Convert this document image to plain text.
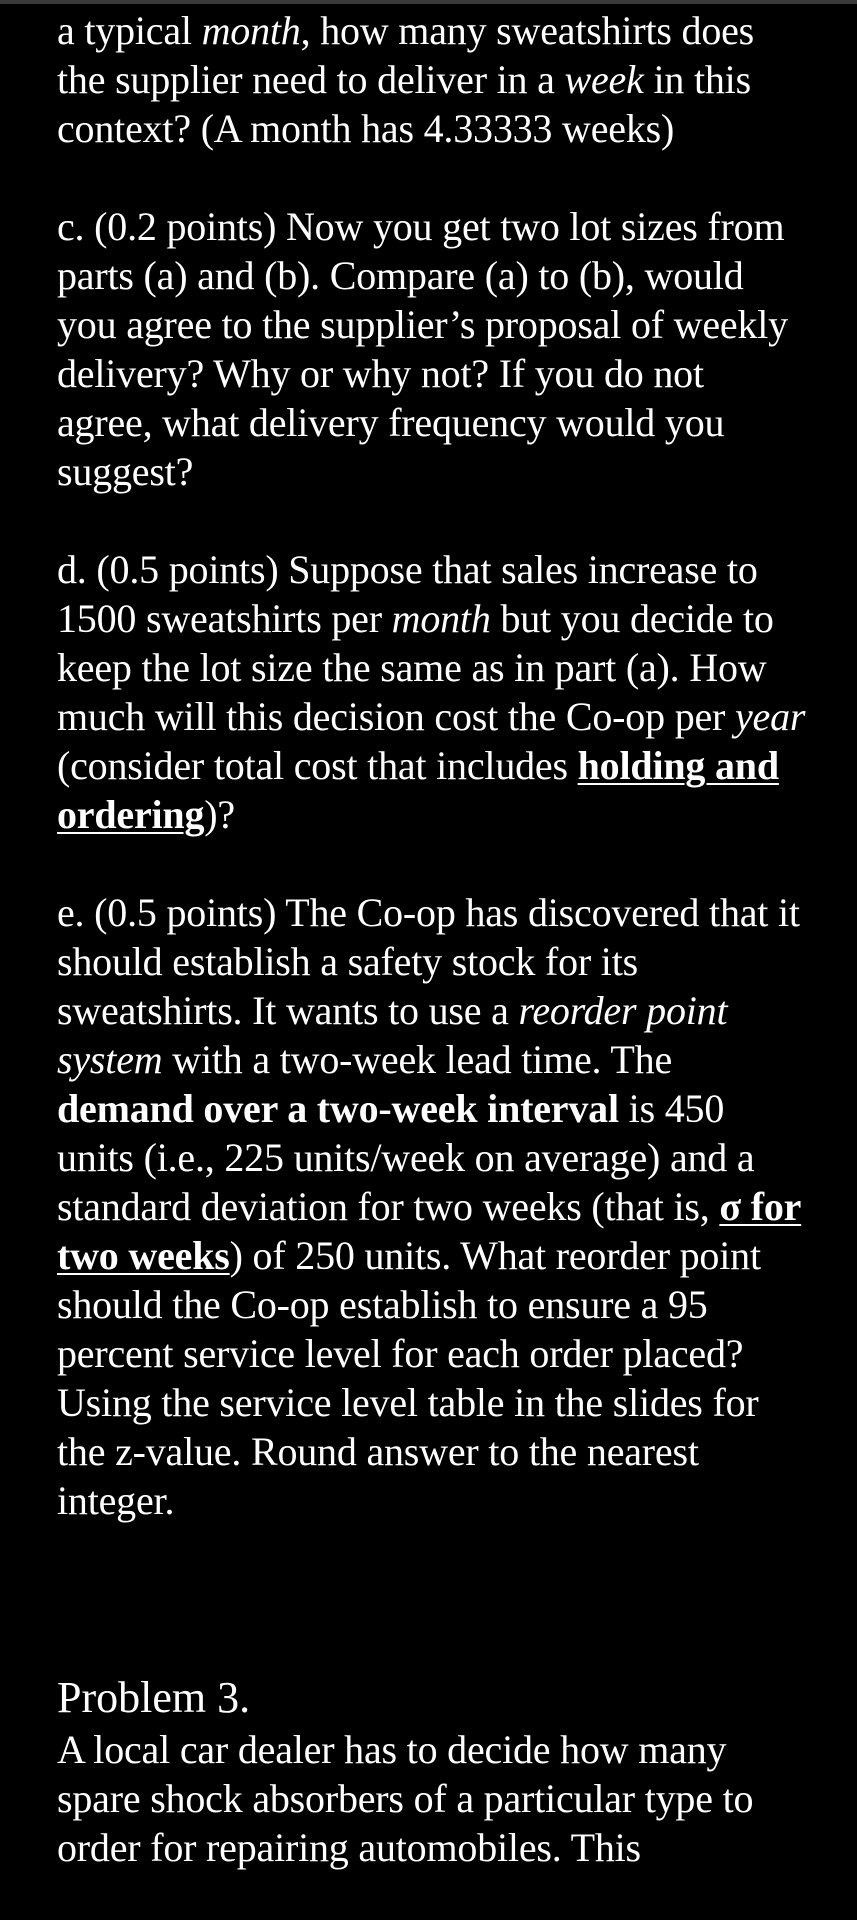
a typical month, how many sweatshirts does the supplier need to deliver in a week in this context? (A month has 4.33333 weeks)

c. (0.2 points) Now you get two lot sizes from parts (a) and (b). Compare (a) to (b), would you agree to the supplier’s proposal of weekly delivery? Why or why not? If you do not agree, what delivery frequency would you suggest?

d. (0.5 points) Suppose that sales increase to 1500 sweatshirts per month but you decide to keep the lot size the same as in part (a). How much will this decision cost the Co-op per year (consider total cost that includes holding and ordering)?

e. (0.5 points) The Co-op has discovered that it should establish a safety stock for its sweatshirts. It wants to use a reorder point system with a two-week lead time. The demand over a two-week interval is 450 units (i.e., 225 units/week on average) and a standard deviation for two weeks (that is, σ for two weeks) of 250 units. What reorder point should the Co-op establish to ensure a 95 percent service level for each order placed? Using the service level table in the slides for the z-value. Round answer to the nearest integer.

Problem 3.

A local car dealer has to decide how many spare shock absorbers of a particular type to order for repairing automobiles. This
